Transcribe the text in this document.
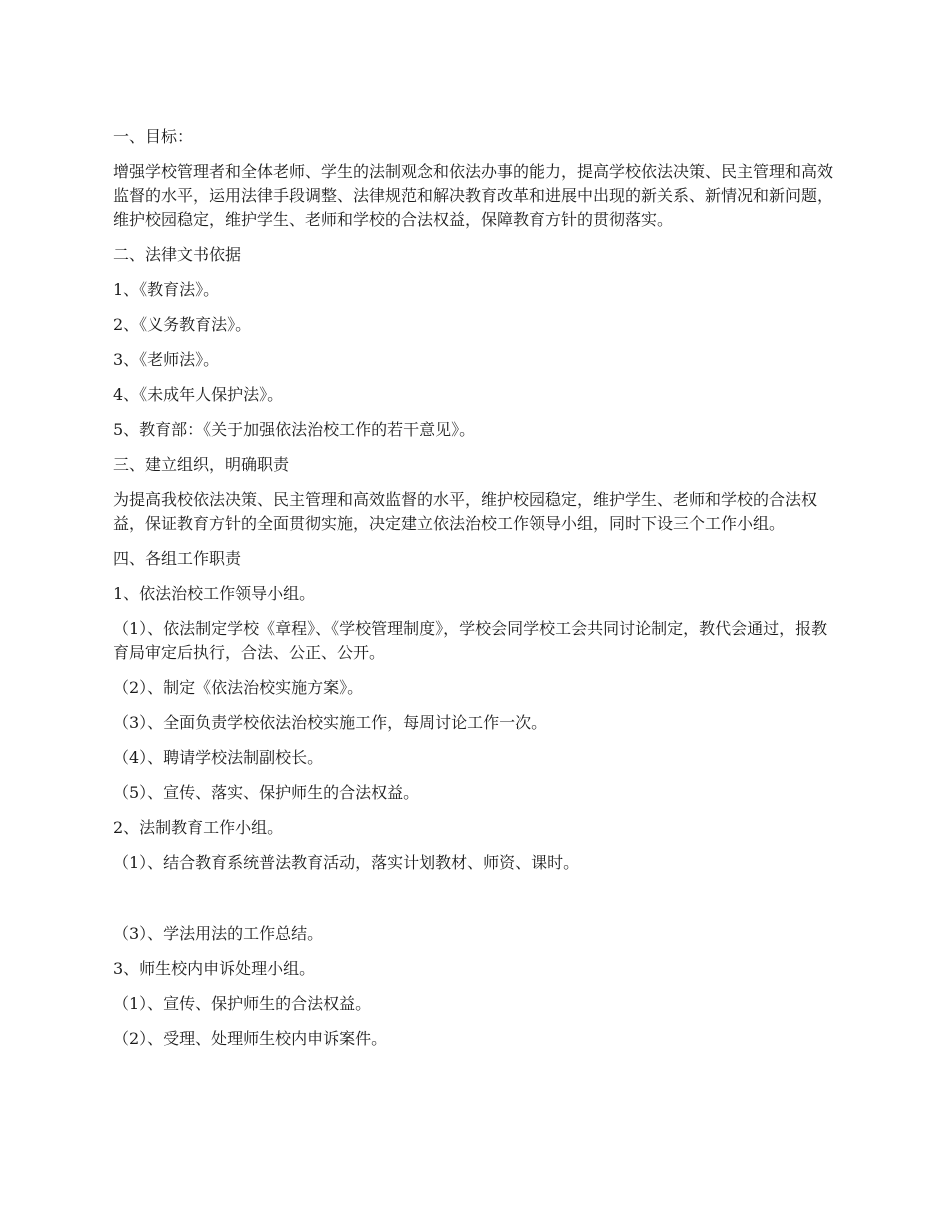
一、目标：

增强学校管理者和全体老师、学生的法制观念和依法办事的能力，提高学校依法决策、民主管理和高效监督的水平，运用法律手段调整、法律规范和解决教育改革和进展中出现的新关系、新情况和新问题，维护校园稳定，维护学生、老师和学校的合法权益，保障教育方针的贯彻落实。

二、法律文书依据

1、《教育法》。

2、《义务教育法》。

3、《老师法》。

4、《未成年人保护法》。

5、教育部：《关于加强依法治校工作的若干意见》。

三、建立组织，明确职责

为提高我校依法决策、民主管理和高效监督的水平，维护校园稳定，维护学生、老师和学校的合法权益，保证教育方针的全面贯彻实施，决定建立依法治校工作领导小组，同时下设三个工作小组。

四、各组工作职责

1、依法治校工作领导小组。

（1）、依法制定学校《章程》、《学校管理制度》，学校会同学校工会共同讨论制定，教代会通过，报教育局审定后执行，合法、公正、公开。

（2）、制定《依法治校实施方案》。

（3）、全面负责学校依法治校实施工作，每周讨论工作一次。

（4）、聘请学校法制副校长。

（5）、宣传、落实、保护师生的合法权益。

2、法制教育工作小组。

（1）、结合教育系统普法教育活动，落实计划教材、师资、课时。

（3）、学法用法的工作总结。

3、师生校内申诉处理小组。

（1）、宣传、保护师生的合法权益。

（2）、受理、处理师生校内申诉案件。
